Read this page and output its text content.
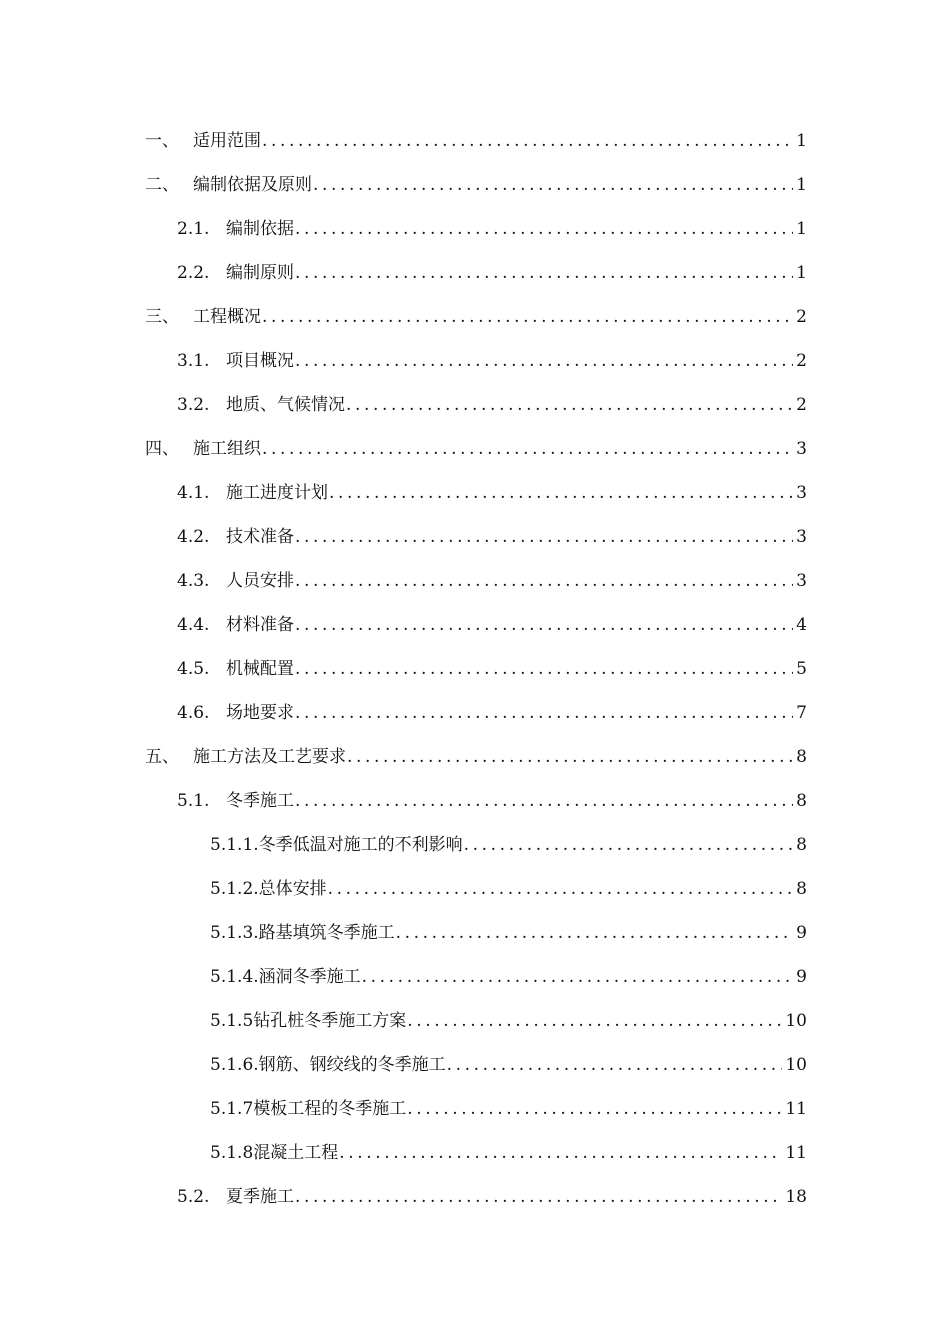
一、 适用范围 .....	1
二、 编制依据及原则 .....	1
2.1. 编制依据 .....	1
2.2. 编制原则 .....	1
三、 工程概况 .....	2
3.1. 项目概况 .....	2
3.2. 地质、气候情况 .....	2
四、 施工组织 .....	3
4.1. 施工进度计划 .....	3
4.2. 技术准备 .....	3
4.3. 人员安排 .....	3
4.4. 材料准备 .....	4
4.5. 机械配置 .....	5
4.6. 场地要求 .....	7
五、 施工方法及工艺要求 .....	8
5.1. 冬季施工 .....	8
5.1.1. 冬季低温对施工的不利影响 .....	8
5.1.2. 总体安排 .....	8
5.1.3. 路基填筑冬季施工 .....	9
5.1.4. 涵洞冬季施工 .....	9
5.1.5 钻孔桩冬季施工方案 .....	10
5.1.6. 钢筋、钢绞线的冬季施工 .....	10
5.1.7 模板工程的冬季施工 .....	11
5.1.8 混凝土工程 .....	11
5.2. 夏季施工 .....	18
